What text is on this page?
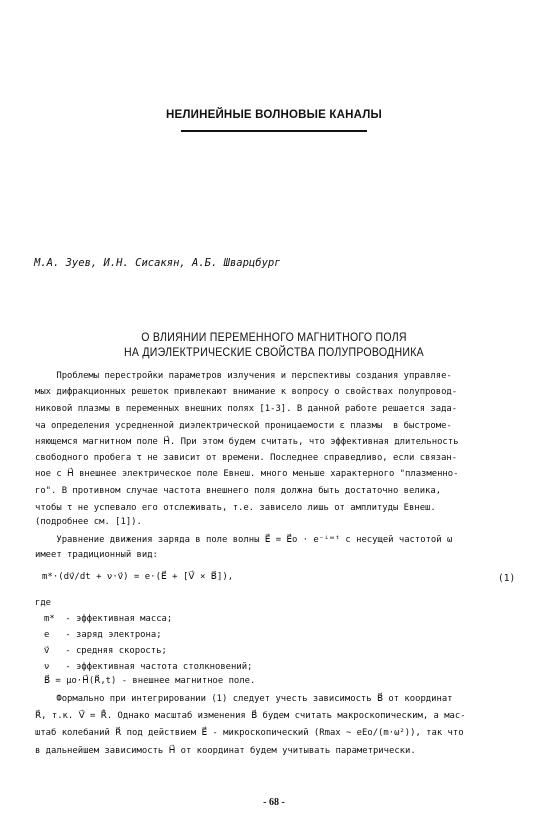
НЕЛИНЕЙНЫЕ ВОЛНОВЫЕ КАНАЛЫ
М.А. Зуев, И.Н. Сисакян, А.Б. Шварцбург
О ВЛИЯНИИ ПЕРЕМЕННОГО МАГНИТНОГО ПОЛЯ
НА ДИЭЛЕКТРИЧЕСКИЕ СВОЙСТВА ПОЛУПРОВОДНИКА
Проблемы перестройки параметров излучения и перспективы создания управляе-
мых дифракционных решеток привлекают внимание к вопросу о свойствах полупровод-
никовой плазмы в переменных внешних полях [1-3]. В данной работе решается зада-
ча определения усредненной диэлектрической проницаемости ε плазмы  в быстроме-
няющемся магнитном поле H⃗. При этом будем считать, что эффективная длительность
свободного пробега τ не зависит от времени. Последнее справедливо, если связан-
ное с H⃗ внешнее электрическое поле Eвнеш. много меньше характерного "плазменно-
го". В противном случае частота внешнего поля должна быть достаточно велика,
чтобы τ не успевало его отслеживать, т.е. зависело лишь от амплитуды Eвнеш.
(подробнее см. [1]).
Уравнение движения заряда в поле волны E⃗ = E⃗o · e⁻ⁱʷᵗ с несущей частотой ω
имеет традиционный вид:
m*·(dv⃗/dt + ν·v⃗) = e·(E⃗ + [V⃗ × B⃗]),	(1)
где
m*  - эффективная масса;
e   - заряд электрона;
v⃗   - средняя скорость;
ν   - эффективная частота столкновений;
B⃗ = μo·H⃗(R⃗,t) - внешнее магнитное поле.
Формально при интегрировании (1) следует учесть зависимость B⃗ от координат
R⃗, т.к. V⃗ = R⃗̇. Однако масштаб изменения B⃗ будем считать макроскопическим, а мас-
штаб колебаний R⃗ под действием E⃗ - микроскопический (Rmax ~ eEo/(m·ω²)), так что
в дальнейшем зависимость H⃗ от координат будем учитывать параметрически.
- 68 -
